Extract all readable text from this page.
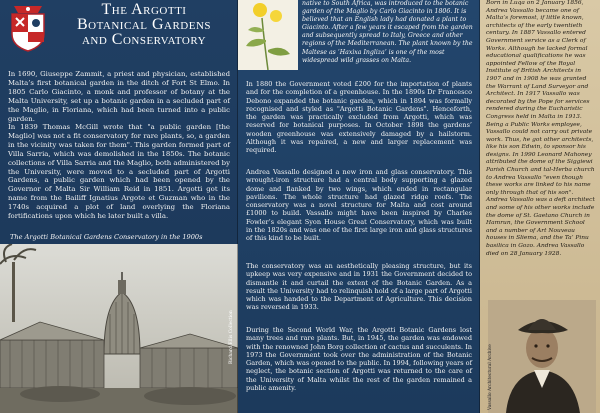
The Argotti
Botanical Gardens
and Conservatory

In 1690, Giuseppe Zammit, a priest and physician, established Malta’s first botanical garden in the ditch of Fort St Elmo. In 1805 Carlo Giacinto, a monk and professor of botany at the Malta University, set up a botanic garden in a secluded part of the Maglio, in Floriana, which had been turned into a public garden.

In 1839 Thomas McGill wrote that "a public garden [the Maglio] was not a fit conservatory for rare plants, so, a garden in the vicinity was taken for them". This garden formed part of Villa Sarria, which was demolished in the 1850s. The botanic collections of Villa Sarria and the Maglio, both administered by the University, were moved to a secluded part of Argotti Gardens, a public garden which had been opened by the Governor of Malta Sir William Reid in 1851. Argotti got its name from the Bailiff Ignatius Argote et Guzman who in the 1740s acquired a plot of land overlying the Floriana fortifications upon which he later built a villa.

The Argotti Botanical Gardens Conservatory in the 1900s
Richard Ellis Collection

native to South Africa, was introduced to the botanic garden of the Maglio by Carlo Giacinto in 1806. It is believed that an English lady had donated a plant to Giacinto. After a few years it escaped from the garden and subsequently spread to Italy, Greece and other regions of the Mediterranean. The plant known by the Maltese as ‘Haxixa Ingliza’ is one of the most widespread wild grasses on Malta.

In 1880 the Government voted £200 for the importation of plants and for the completion of a greenhouse. In the 1890s Dr Francesco Debono expanded the botanic garden, which in 1894 was formally recognised and styled as "Argotti Botanic Gardens". Henceforth, the garden was practically excluded from Argotti, which was reserved for botanical purposes. In October 1898 the gardens’ wooden greenhouse was extensively damaged by a hailstorm. Although it was repaired, a new and larger replacement was required.

Andrea Vassallo designed a new iron and glass conservatory. This wrought-iron structure had a central body supporting a glazed dome and flanked by two wings, which ended in rectangular pavilions. The whole structure had glazed ridge roofs. The conservatory was a novel structure for Malta and cost around £1000 to build. Vassallo might have been inspired by Charles Fowler’s elegant Syon House Great Conservatory, which was built in the 1820s and was one of the first large iron and glass structures of this kind to be built.

The conservatory was an aesthetically pleasing structure, but its upkeep was very expensive and in 1931 the Government decided to dismantle it and curtail the extent of the Botanic Garden. As a result the University had to relinquish hold of a large part of Argotti which was handed to the Department of Agriculture. This decision was reversed in 1933.

During the Second World War, the Argotti Botanic Gardens lost many trees and rare plants. But, in 1945, the garden was endowed with the renowned John Borg collection of cactus and succulents. In 1973 the Government took over the administration of the Botanic Garden, which was opened to the public. In 1994, following years of neglect, the botanic section of Argotti was returned to the care of the University of Malta whilst the rest of the garden remained a public amenity.

Born in Luqa on 2 January 1856, Andrea Vassallo became one of Malta’s foremost, if little known, architects of the early twentieth century. In 1887 Vassallo entered Government service as a Clerk of Works. Although he lacked formal educational qualifications he was appointed Fellow of the Royal Institute of British Architects in 1907 and in 1908 he was granted the Warrant of Land Surveyor and Architect. In 1917 Vassallo was decorated by the Pope for services rendered during the Eucharistic Congress held in Malta in 1913. Being a Public Works employee, Vassallo could not carry out private work. Thus, he got other architects, like his son Edwin, to sponsor his designs. In 1990 Leonard Mahoney attributed the dome of the Siggiewi Parish Church and tal-Herba church to Andrea Vassallo "even though these works are linked to his name only through that of his son". Andrea Vassallo was a deft architect and some of his other works include the dome of St. Gaetano Church in Hamrun, the Government School and a number of Art Nouveau houses in Sliema, and the Ta’ Pinu basilica in Gozo. Andrea Vassallo died on 28 January 1928.

Vassallo Architectural Archive
